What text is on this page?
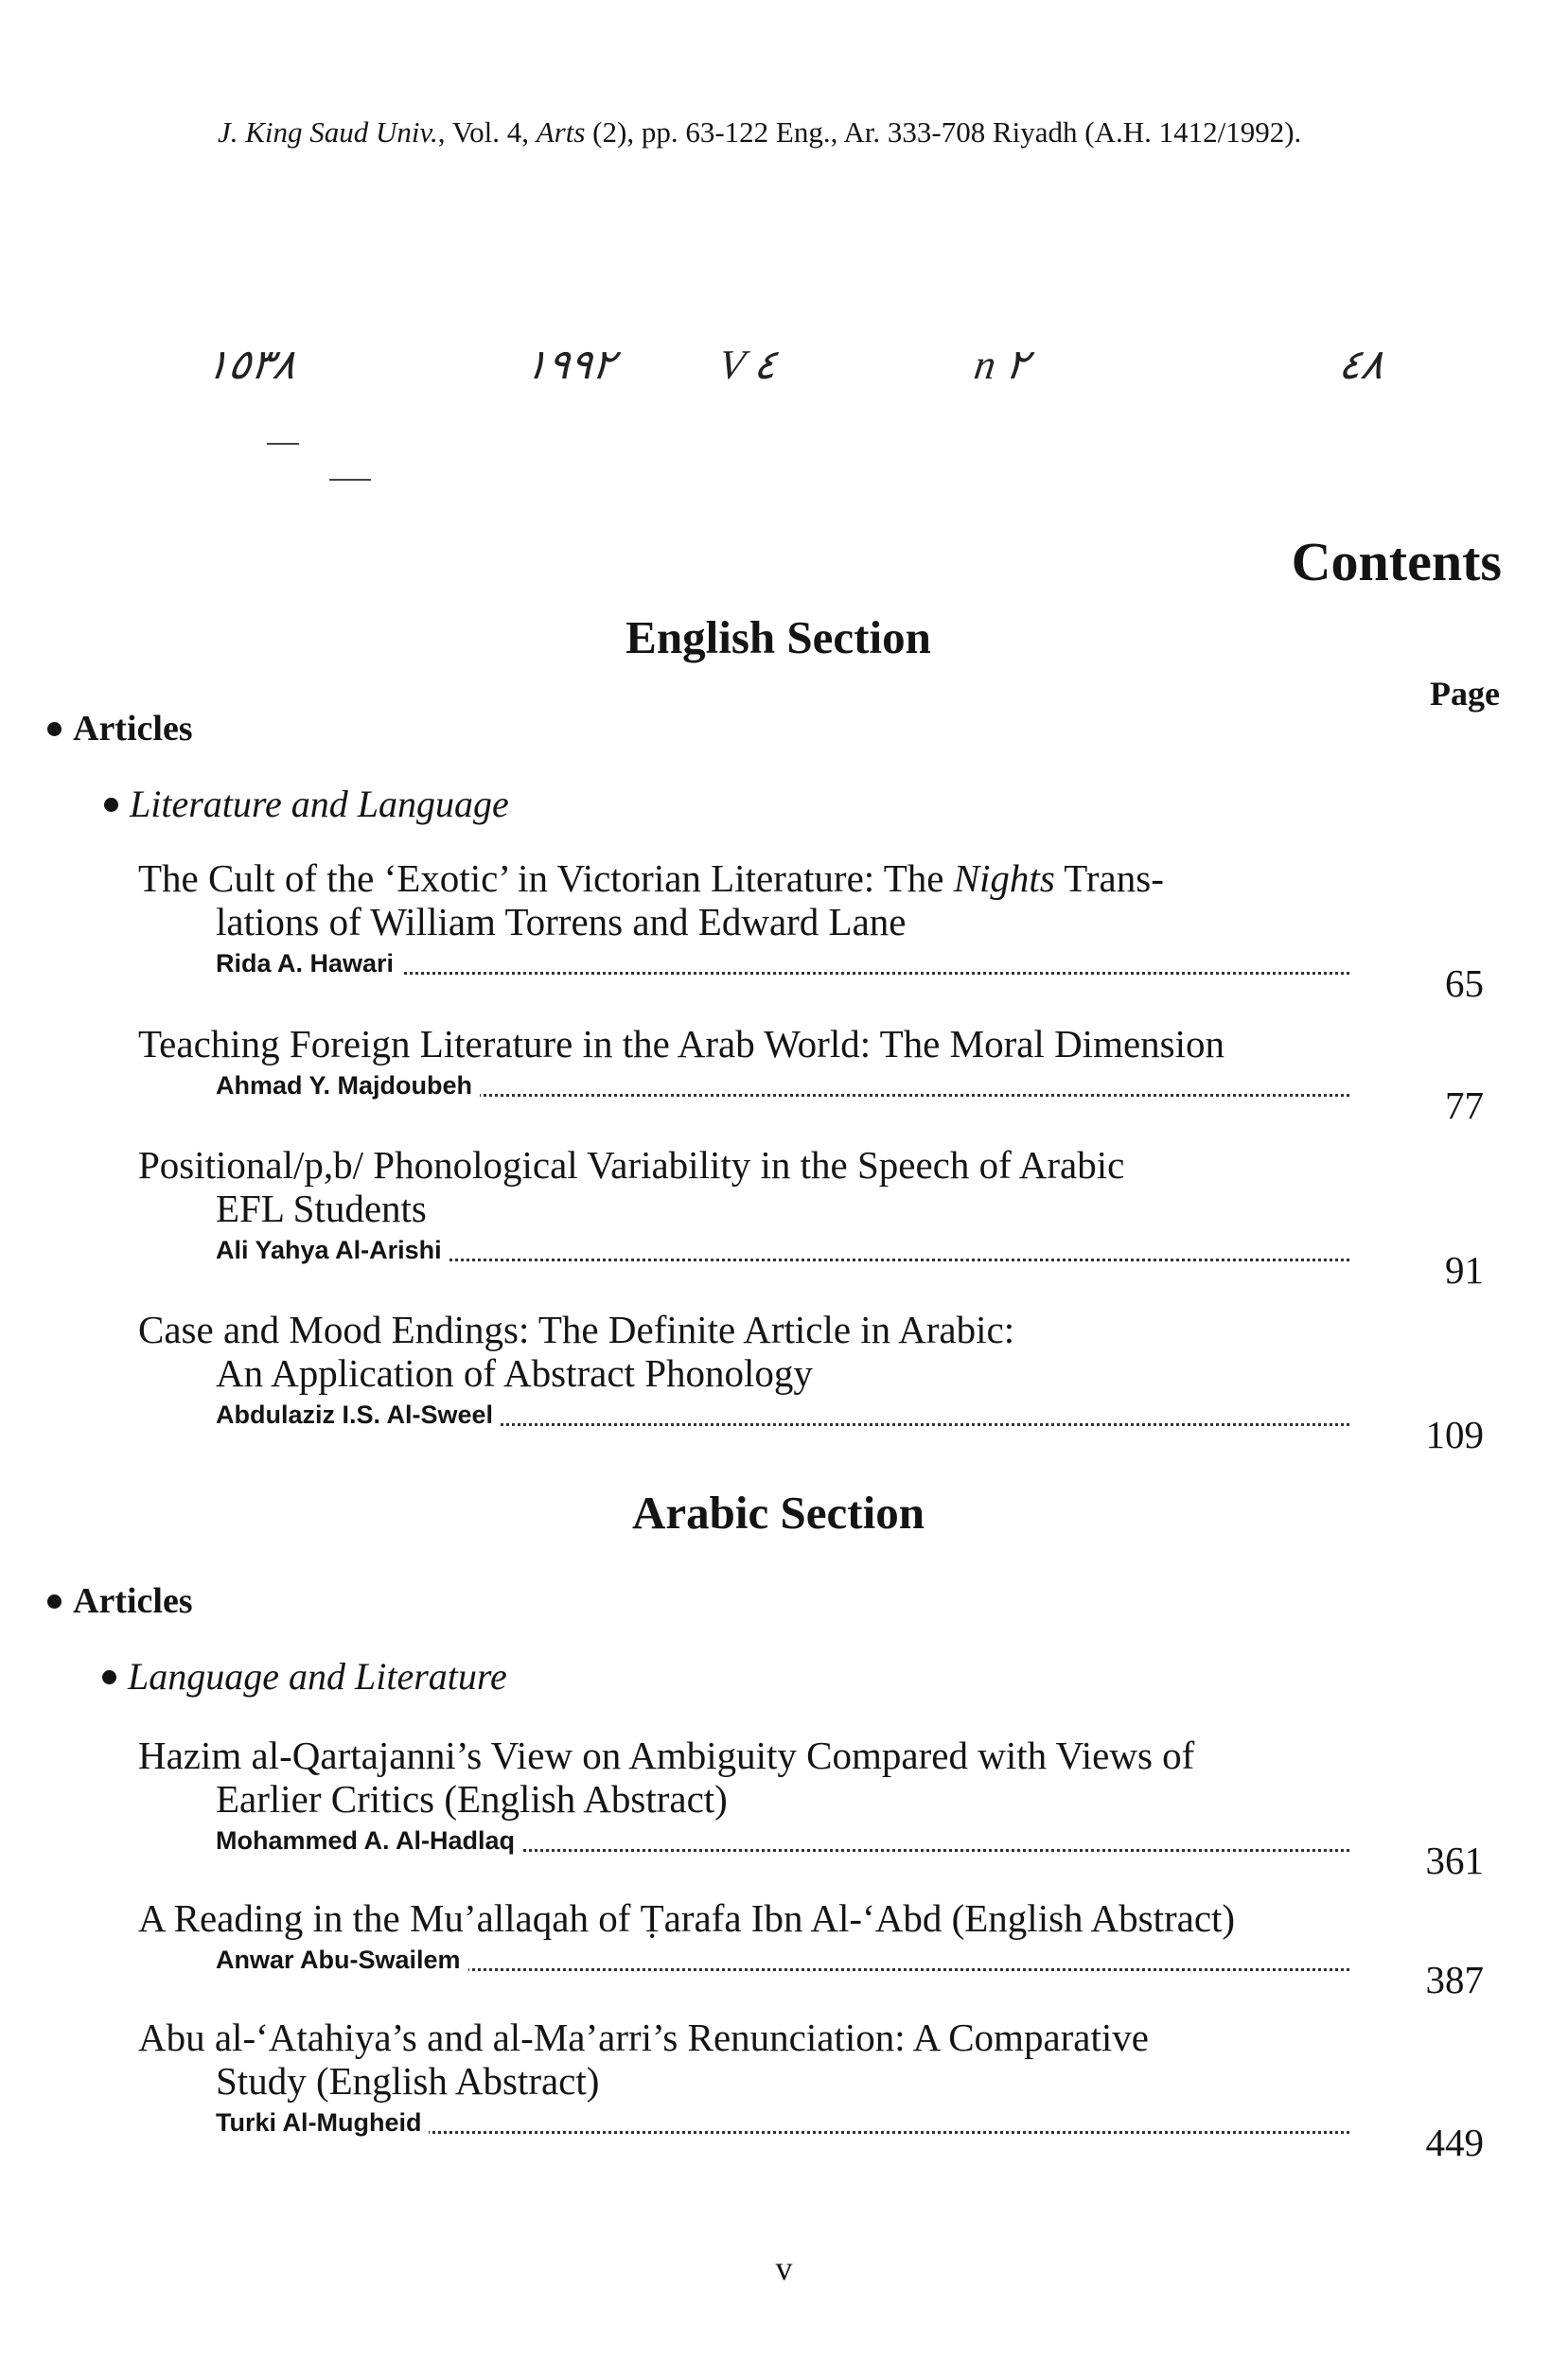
J. King Saud Univ., Vol. 4, Arts (2), pp. 63-122 Eng., Ar. 333-708 Riyadh (A.H. 1412/1992).
١٥٣٨	١٩٩٢ V ٤	n ٢	٤٨
Contents
English Section
Page
Articles
Literature and Language
The Cult of the ‘Exotic’ in Victorian Literature: The Nights Trans-
lations of William Torrens and Edward Lane
Rida A. Hawari	65
Teaching Foreign Literature in the Arab World: The Moral Dimension
Ahmad Y. Majdoubeh	77
Positional/p,b/ Phonological Variability in the Speech of Arabic
EFL Students
Ali Yahya Al-Arishi	91
Case and Mood Endings: The Definite Article in Arabic:
An Application of Abstract Phonology
Abdulaziz I.S. Al-Sweel	109
Arabic Section
Articles
Language and Literature
Hazim al-Qartajanni’s View on Ambiguity Compared with Views of
Earlier Critics (English Abstract)
Mohammed A. Al-Hadlaq	361
A Reading in the Mu’allaqah of Ṭarafa Ibn Al-‘Abd (English Abstract)
Anwar Abu-Swailem	387
Abu al-‘Atahiya’s and al-Ma’arri’s Renunciation: A Comparative
Study (English Abstract)
Turki Al-Mugheid	449
v
